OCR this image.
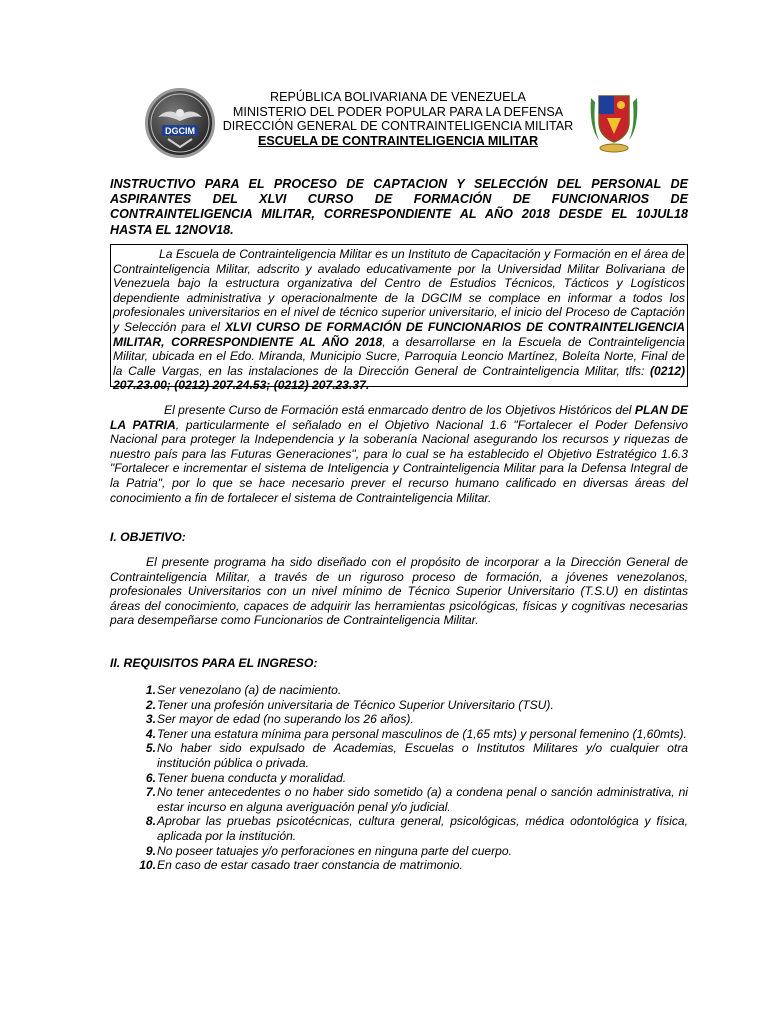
DGCIM
REPÚBLICA BOLIVARIANA DE VENEZUELA
MINISTERIO DEL PODER POPULAR PARA LA DEFENSA
DIRECCIÓN GENERAL DE CONTRAINTELIGENCIA MILITAR
ESCUELA DE CONTRAINTELIGENCIA MILITAR
INSTRUCTIVO PARA EL PROCESO DE CAPTACION Y SELECCIÓN DEL PERSONAL DE ASPIRANTES DEL XLVI CURSO DE FORMACIÓN DE FUNCIONARIOS DE CONTRAINTELIGENCIA MILITAR, CORRESPONDIENTE AL AÑO 2018 DESDE EL 10JUL18 HASTA EL 12NOV18.

La Escuela de Contrainteligencia Militar es un Instituto de Capacitación y Formación en el área de Contrainteligencia Militar, adscrito y avalado educativamente por la Universidad Militar Bolivariana de Venezuela bajo la estructura organizativa del Centro de Estudios Técnicos, Tácticos y Logísticos dependiente administrativa y operacionalmente de la DGCIM se complace en informar a todos los profesionales universitarios en el nivel de técnico superior universitario, el inicio del Proceso de Captación y Selección para el XLVI CURSO DE FORMACIÓN DE FUNCIONARIOS DE CONTRAINTELIGENCIA MILITAR, CORRESPONDIENTE AL AÑO 2018, a desarrollarse en la Escuela de Contrainteligencia Militar, ubicada en el Edo. Miranda, Municipio Sucre, Parroquia Leoncio Martínez, Boleíta Norte, Final de la Calle Vargas, en las instalaciones de la Dirección General de Contrainteligencia Militar, tlfs: (0212) 207.23.00; (0212) 207.24.53; (0212) 207.23.37.

El presente Curso de Formación está enmarcado dentro de los Objetivos Históricos del PLAN DE LA PATRIA, particularmente el señalado en el Objetivo Nacional 1.6 "Fortalecer el Poder Defensivo Nacional para proteger la Independencia y la soberanía Nacional asegurando los recursos y riquezas de nuestro país para las Futuras Generaciones", para lo cual se ha establecido el Objetivo Estratégico 1.6.3 "Fortalecer e incrementar el sistema de Inteligencia y Contrainteligencia Militar para la Defensa Integral de la Patria", por lo que se hace necesario prever el recurso humano calificado en diversas áreas del conocimiento a fin de fortalecer el sistema de Contrainteligencia Militar.

I. OBJETIVO:

El presente programa ha sido diseñado con el propósito de incorporar a la Dirección General de Contrainteligencia Militar, a través de un riguroso proceso de formación, a jóvenes venezolanos, profesionales Universitarios con un nivel mínimo de Técnico Superior Universitario (T.S.U) en distintas áreas del conocimiento, capaces de adquirir las herramientas psicológicas, físicas y cognitivas necesarias para desempeñarse como Funcionarios de Contrainteligencia Militar.

II. REQUISITOS PARA EL INGRESO:
1. Ser venezolano (a) de nacimiento.
2. Tener una profesión universitaria de Técnico Superior Universitario (TSU).
3. Ser mayor de edad (no superando los 26 años).
4. Tener una estatura mínima para personal masculinos de (1,65 mts) y personal femenino (1,60mts).
5. No haber sido expulsado de Academias, Escuelas o Institutos Militares y/o cualquier otra institución pública o privada.
6. Tener buena conducta y moralidad.
7. No tener antecedentes o no haber sido sometido (a) a condena penal o sanción administrativa, ni estar incurso en alguna averiguación penal y/o judicial.
8. Aprobar las pruebas psicotécnicas, cultura general, psicológicas, médica odontológica y física, aplicada por la institución.
9. No poseer tatuajes y/o perforaciones en ninguna parte del cuerpo.
10. En caso de estar casado traer constancia de matrimonio.
